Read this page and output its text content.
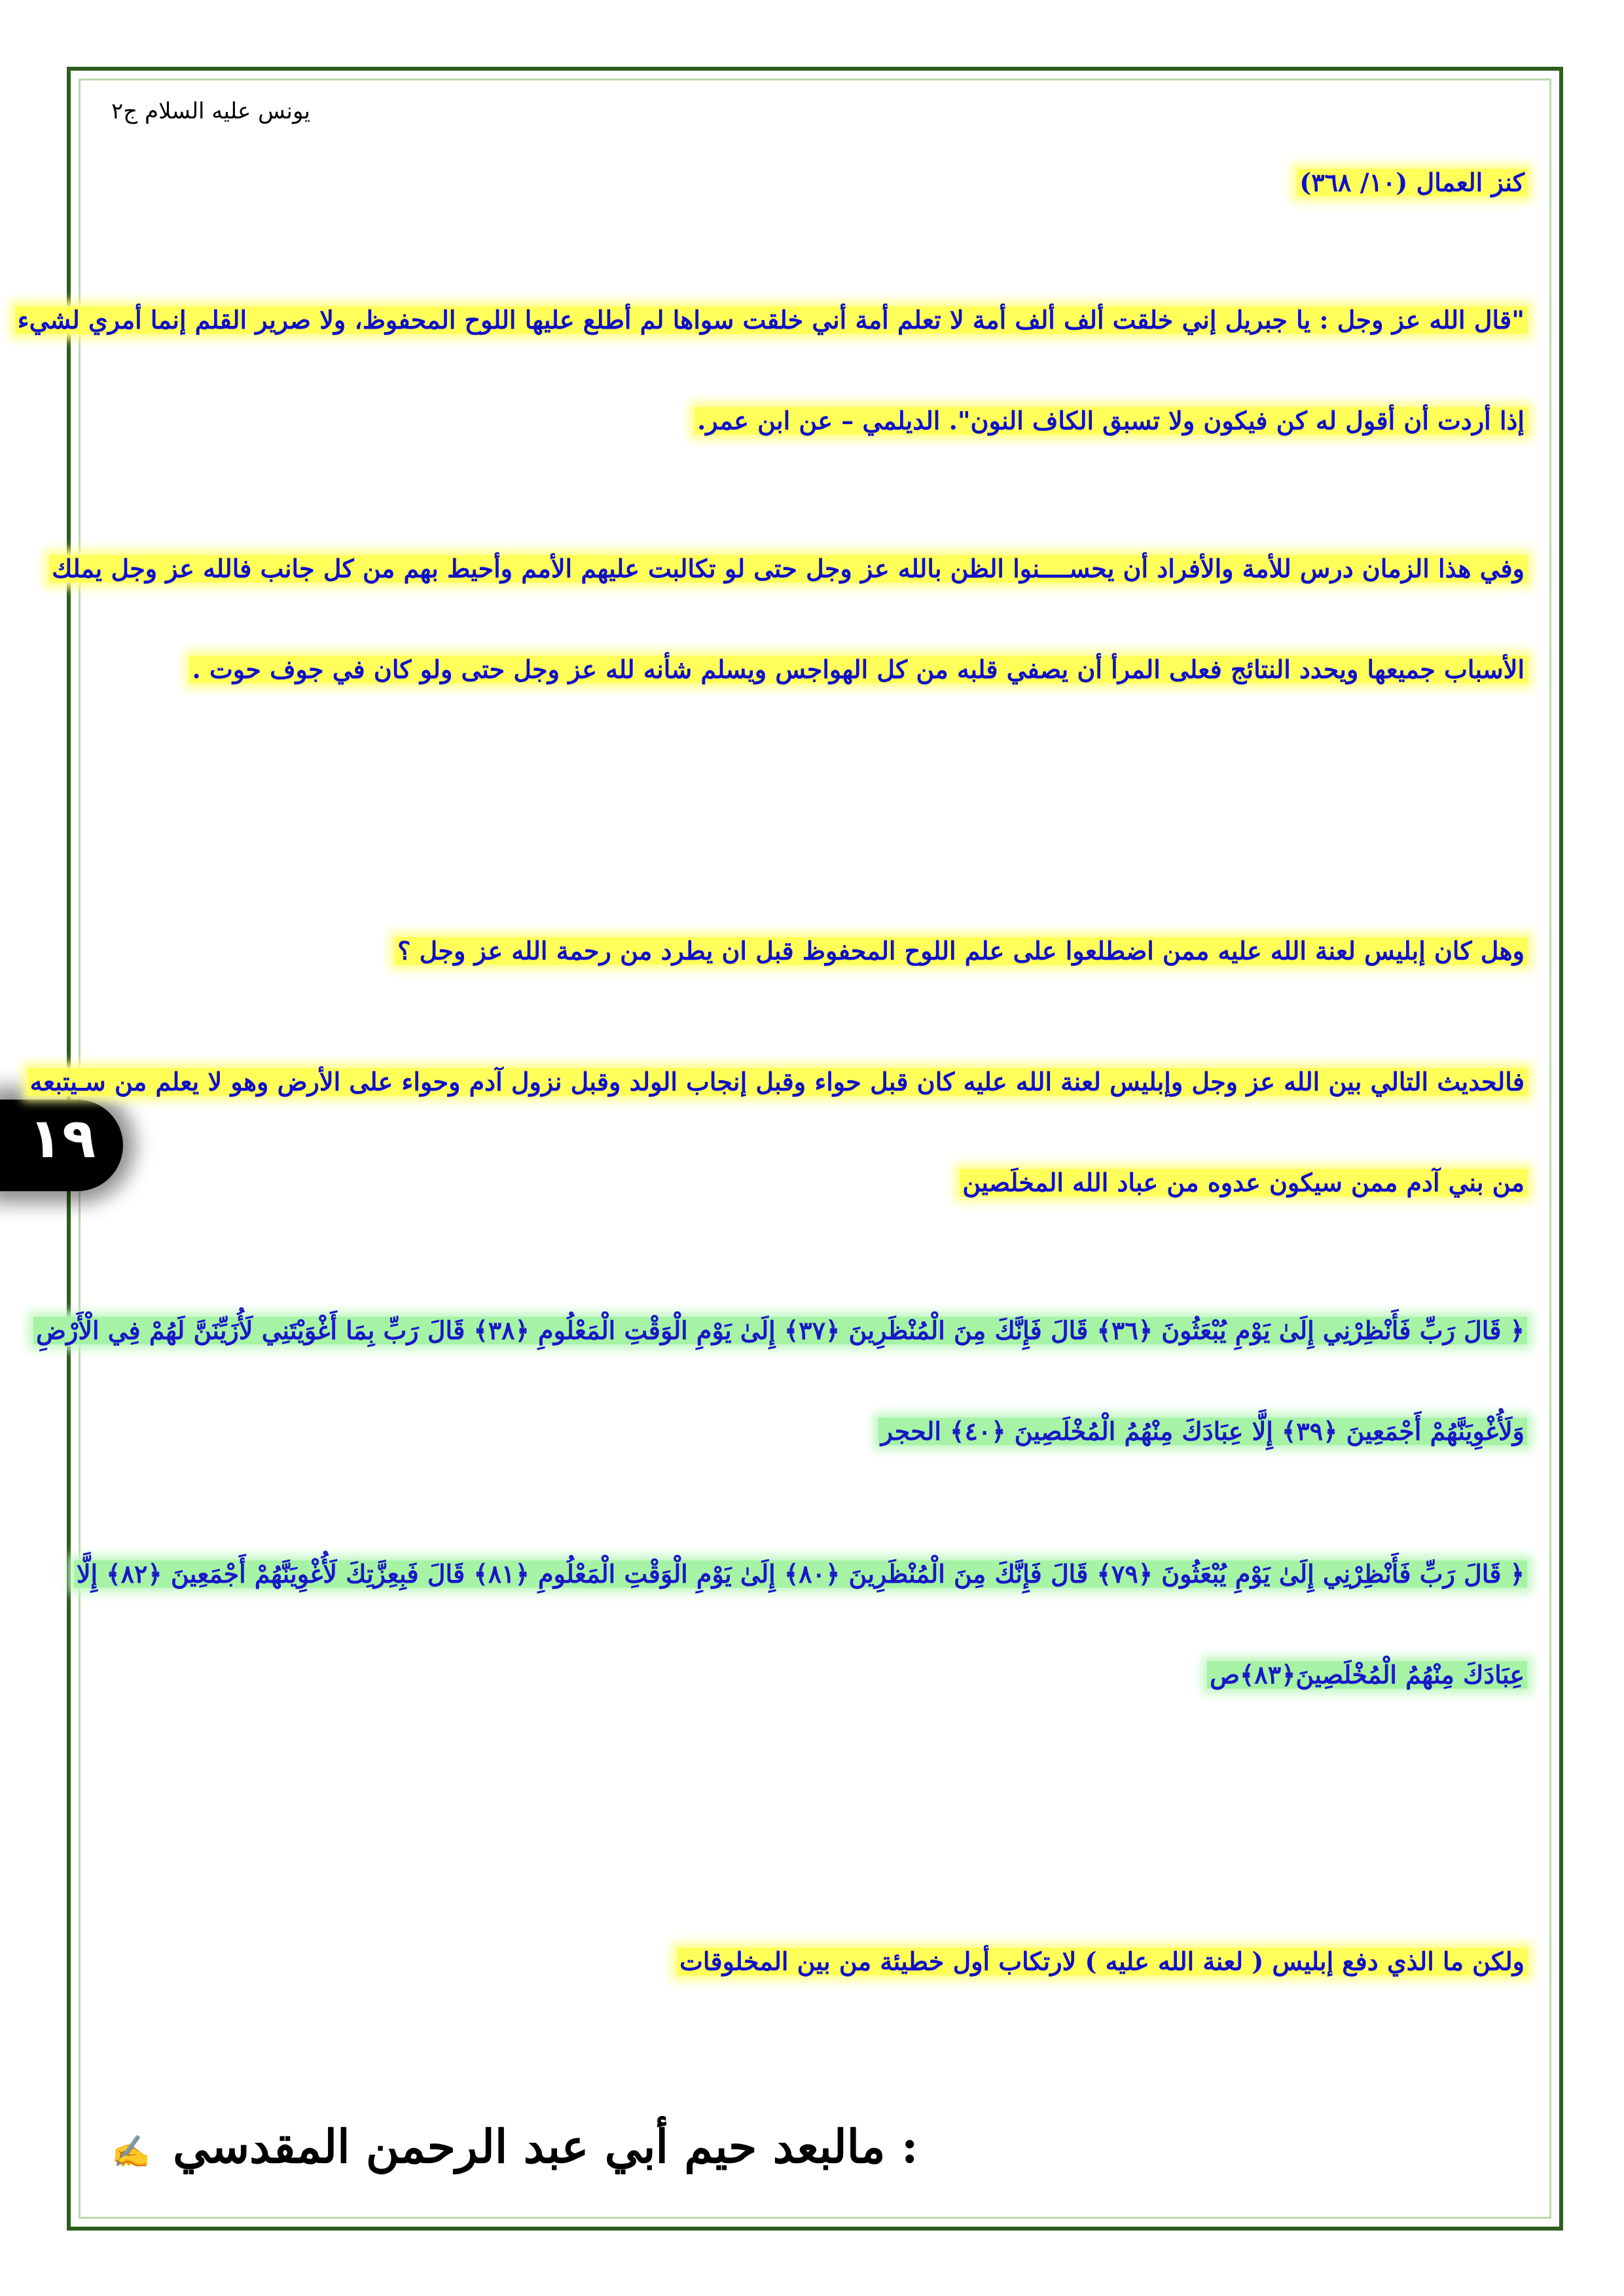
يونس عليه السلام ج٢
١٩
كنز العمال (١٠/ ٣٦٨)
"قال الله عز وجل : يا جبريل إني خلقت ألف ألف أمة لا تعلم أمة أني خلقت سواها لم أطلع عليها اللوح المحفوظ، ولا صرير القلم إنما أمري لشيء
إذا أردت أن أقول له كن فيكون ولا تسبق الكاف النون". الديلمي – عن ابن عمر.
وفي هذا الزمان درس للأمة والأفراد أن يحســــنوا الظن بالله عز وجل حتى لو تكالبت عليهم الأمم وأحيط بهم من كل جانب فالله عز وجل يملك
الأسباب جميعها ويحدد النتائج فعلى المرأ أن يصفي قلبه من كل الهواجس ويسلم شأنه لله عز وجل حتى ولو كان في جوف حوت .
وهل كان إبليس لعنة الله عليه ممن اضطلعوا على علم اللوح المحفوظ قبل ان يطرد من رحمة الله عز وجل ؟
فالحديث التالي بين الله عز وجل وإبليس لعنة الله عليه كان قبل حواء وقبل إنجاب الولد وقبل نزول آدم وحواء على الأرض وهو لا يعلم من سـيتبعه
من بني آدم ممن سيكون عدوه من عباد الله المخلَصين
﴿ قَالَ رَبِّ فَأَنْظِرْنِي إِلَىٰ يَوْمِ يُبْعَثُونَ ﴿٣٦﴾ قَالَ فَإِنَّكَ مِنَ الْمُنْظَرِينَ ﴿٣٧﴾ إِلَىٰ يَوْمِ الْوَقْتِ الْمَعْلُومِ ﴿٣٨﴾ قَالَ رَبِّ بِمَا أَغْوَيْتَنِي لَأُزَيِّنَنَّ لَهُمْ فِي الْأَرْضِ
وَلَأُغْوِيَنَّهُمْ أَجْمَعِينَ ﴿٣٩﴾ إِلَّا عِبَادَكَ مِنْهُمُ الْمُخْلَصِينَ ﴿٤٠﴾ الحجر
﴿ قَالَ رَبِّ فَأَنْظِرْنِي إِلَىٰ يَوْمِ يُبْعَثُونَ ﴿٧٩﴾ قَالَ فَإِنَّكَ مِنَ الْمُنْظَرِينَ ﴿٨٠﴾ إِلَىٰ يَوْمِ الْوَقْتِ الْمَعْلُومِ ﴿٨١﴾ قَالَ فَبِعِزَّتِكَ لَأُغْوِيَنَّهُمْ أَجْمَعِينَ ﴿٨٢﴾ إِلَّا
عِبَادَكَ مِنْهُمُ الْمُخْلَصِينَ﴿٨٣﴾ص
ولكن ما الذي دفع إبليس ( لعنة الله عليه ) لارتكاب أول خطيئة من بين المخلوقات
: مالبعد حيم أبي عبد الرحمن المقدسي ✍
